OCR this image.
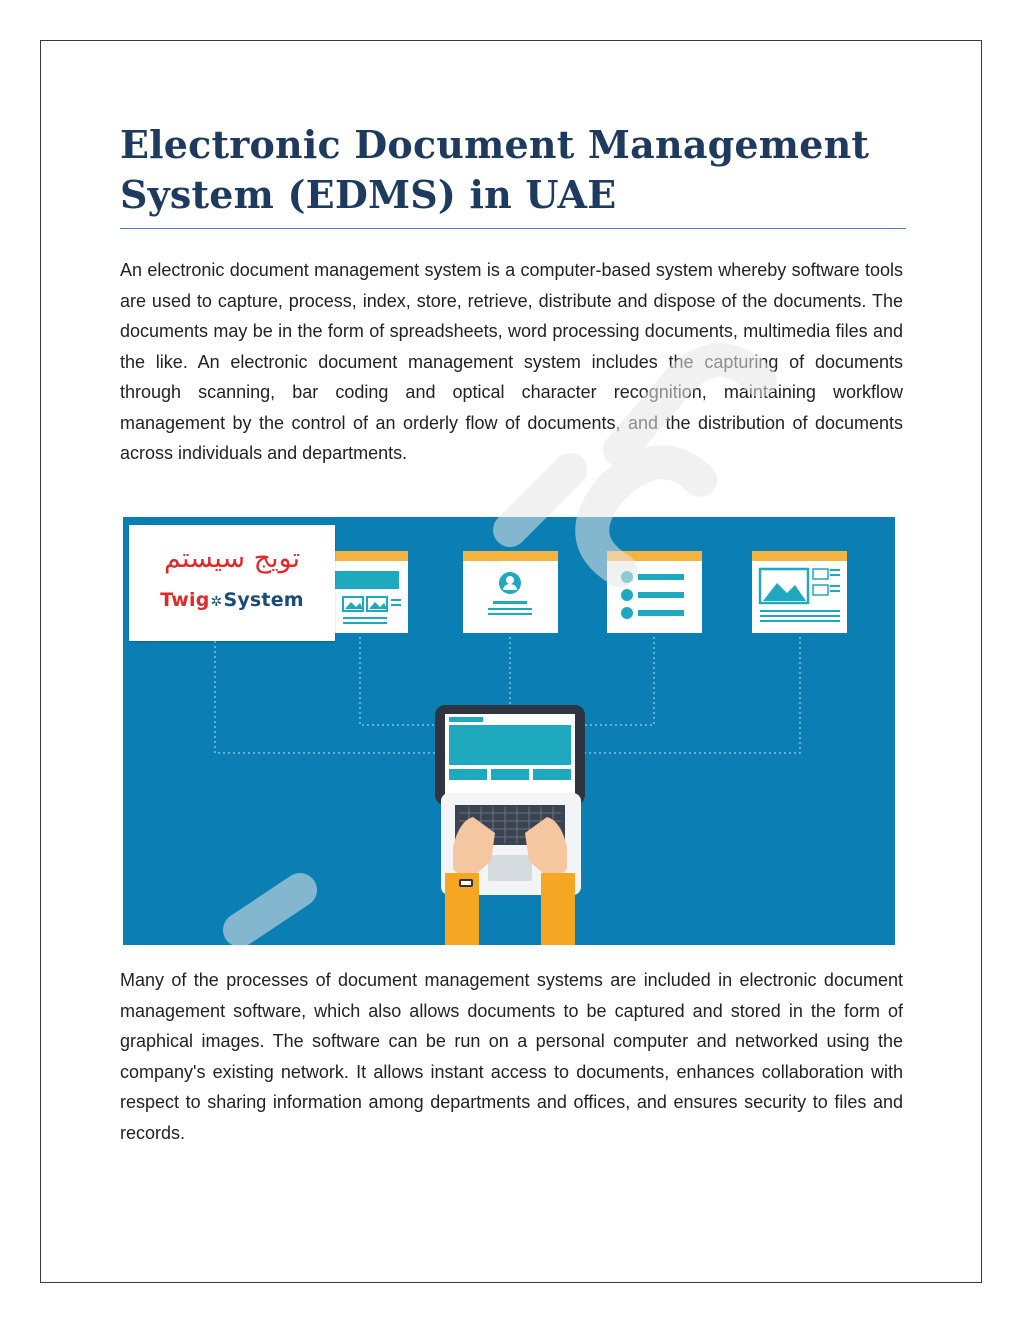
Electronic Document Management System (EDMS) in UAE

An electronic document management system is a computer-based system whereby software tools are used to capture, process, index, store, retrieve, distribute and dispose of the documents. The documents may be in the form of spreadsheets, word processing documents, multimedia files and the like. An electronic document management system includes the capturing of documents through scanning, bar coding and optical character recognition, maintaining workflow management by the control of an orderly flow of documents, and the distribution of documents across individuals and departments.

تويج سيستم
Twig✲System

Many of the processes of document management systems are included in electronic document management software, which also allows documents to be captured and stored in the form of graphical images. The software can be run on a personal computer and networked using the company's existing network. It allows instant access to documents, enhances collaboration with respect to sharing information among departments and offices, and ensures security to files and records.
